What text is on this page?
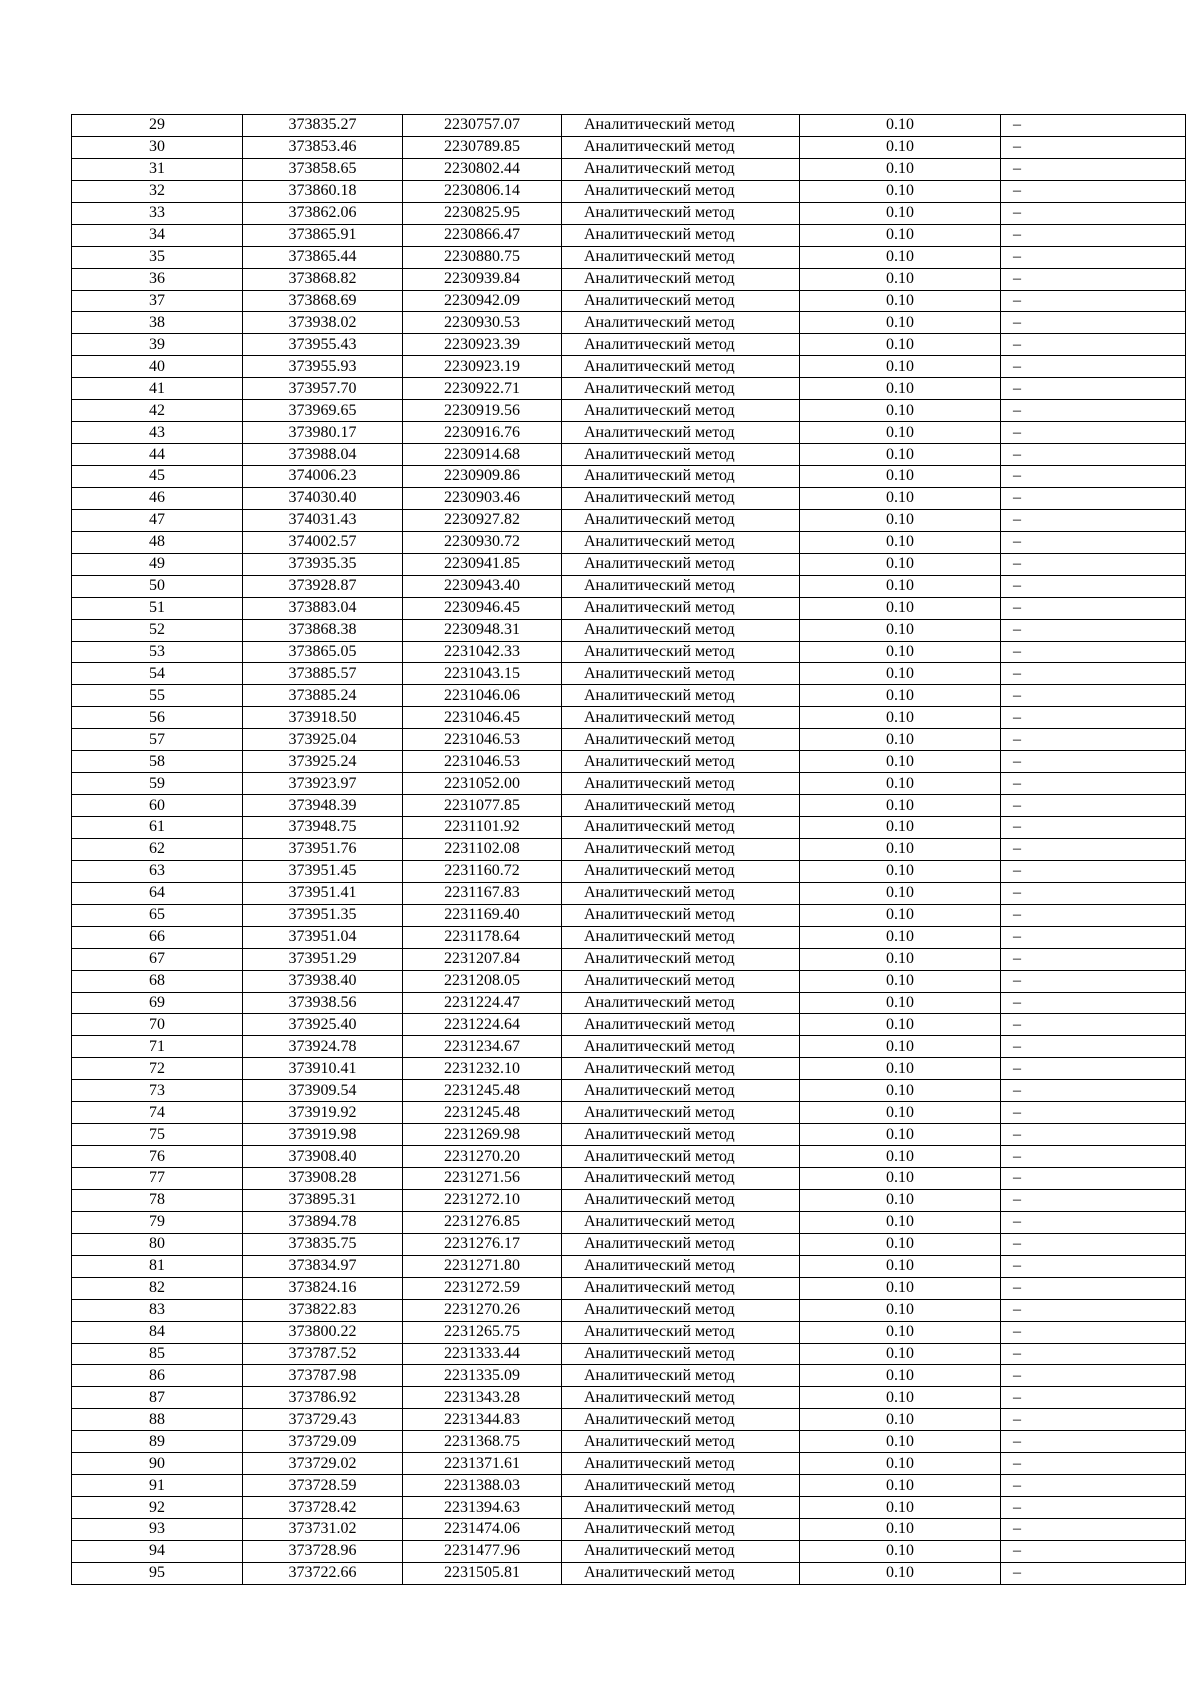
29	373835.27	2230757.07	Аналитический метод	0.10	–
30	373853.46	2230789.85	Аналитический метод	0.10	–
31	373858.65	2230802.44	Аналитический метод	0.10	–
32	373860.18	2230806.14	Аналитический метод	0.10	–
33	373862.06	2230825.95	Аналитический метод	0.10	–
34	373865.91	2230866.47	Аналитический метод	0.10	–
35	373865.44	2230880.75	Аналитический метод	0.10	–
36	373868.82	2230939.84	Аналитический метод	0.10	–
37	373868.69	2230942.09	Аналитический метод	0.10	–
38	373938.02	2230930.53	Аналитический метод	0.10	–
39	373955.43	2230923.39	Аналитический метод	0.10	–
40	373955.93	2230923.19	Аналитический метод	0.10	–
41	373957.70	2230922.71	Аналитический метод	0.10	–
42	373969.65	2230919.56	Аналитический метод	0.10	–
43	373980.17	2230916.76	Аналитический метод	0.10	–
44	373988.04	2230914.68	Аналитический метод	0.10	–
45	374006.23	2230909.86	Аналитический метод	0.10	–
46	374030.40	2230903.46	Аналитический метод	0.10	–
47	374031.43	2230927.82	Аналитический метод	0.10	–
48	374002.57	2230930.72	Аналитический метод	0.10	–
49	373935.35	2230941.85	Аналитический метод	0.10	–
50	373928.87	2230943.40	Аналитический метод	0.10	–
51	373883.04	2230946.45	Аналитический метод	0.10	–
52	373868.38	2230948.31	Аналитический метод	0.10	–
53	373865.05	2231042.33	Аналитический метод	0.10	–
54	373885.57	2231043.15	Аналитический метод	0.10	–
55	373885.24	2231046.06	Аналитический метод	0.10	–
56	373918.50	2231046.45	Аналитический метод	0.10	–
57	373925.04	2231046.53	Аналитический метод	0.10	–
58	373925.24	2231046.53	Аналитический метод	0.10	–
59	373923.97	2231052.00	Аналитический метод	0.10	–
60	373948.39	2231077.85	Аналитический метод	0.10	–
61	373948.75	2231101.92	Аналитический метод	0.10	–
62	373951.76	2231102.08	Аналитический метод	0.10	–
63	373951.45	2231160.72	Аналитический метод	0.10	–
64	373951.41	2231167.83	Аналитический метод	0.10	–
65	373951.35	2231169.40	Аналитический метод	0.10	–
66	373951.04	2231178.64	Аналитический метод	0.10	–
67	373951.29	2231207.84	Аналитический метод	0.10	–
68	373938.40	2231208.05	Аналитический метод	0.10	–
69	373938.56	2231224.47	Аналитический метод	0.10	–
70	373925.40	2231224.64	Аналитический метод	0.10	–
71	373924.78	2231234.67	Аналитический метод	0.10	–
72	373910.41	2231232.10	Аналитический метод	0.10	–
73	373909.54	2231245.48	Аналитический метод	0.10	–
74	373919.92	2231245.48	Аналитический метод	0.10	–
75	373919.98	2231269.98	Аналитический метод	0.10	–
76	373908.40	2231270.20	Аналитический метод	0.10	–
77	373908.28	2231271.56	Аналитический метод	0.10	–
78	373895.31	2231272.10	Аналитический метод	0.10	–
79	373894.78	2231276.85	Аналитический метод	0.10	–
80	373835.75	2231276.17	Аналитический метод	0.10	–
81	373834.97	2231271.80	Аналитический метод	0.10	–
82	373824.16	2231272.59	Аналитический метод	0.10	–
83	373822.83	2231270.26	Аналитический метод	0.10	–
84	373800.22	2231265.75	Аналитический метод	0.10	–
85	373787.52	2231333.44	Аналитический метод	0.10	–
86	373787.98	2231335.09	Аналитический метод	0.10	–
87	373786.92	2231343.28	Аналитический метод	0.10	–
88	373729.43	2231344.83	Аналитический метод	0.10	–
89	373729.09	2231368.75	Аналитический метод	0.10	–
90	373729.02	2231371.61	Аналитический метод	0.10	–
91	373728.59	2231388.03	Аналитический метод	0.10	–
92	373728.42	2231394.63	Аналитический метод	0.10	–
93	373731.02	2231474.06	Аналитический метод	0.10	–
94	373728.96	2231477.96	Аналитический метод	0.10	–
95	373722.66	2231505.81	Аналитический метод	0.10	–
